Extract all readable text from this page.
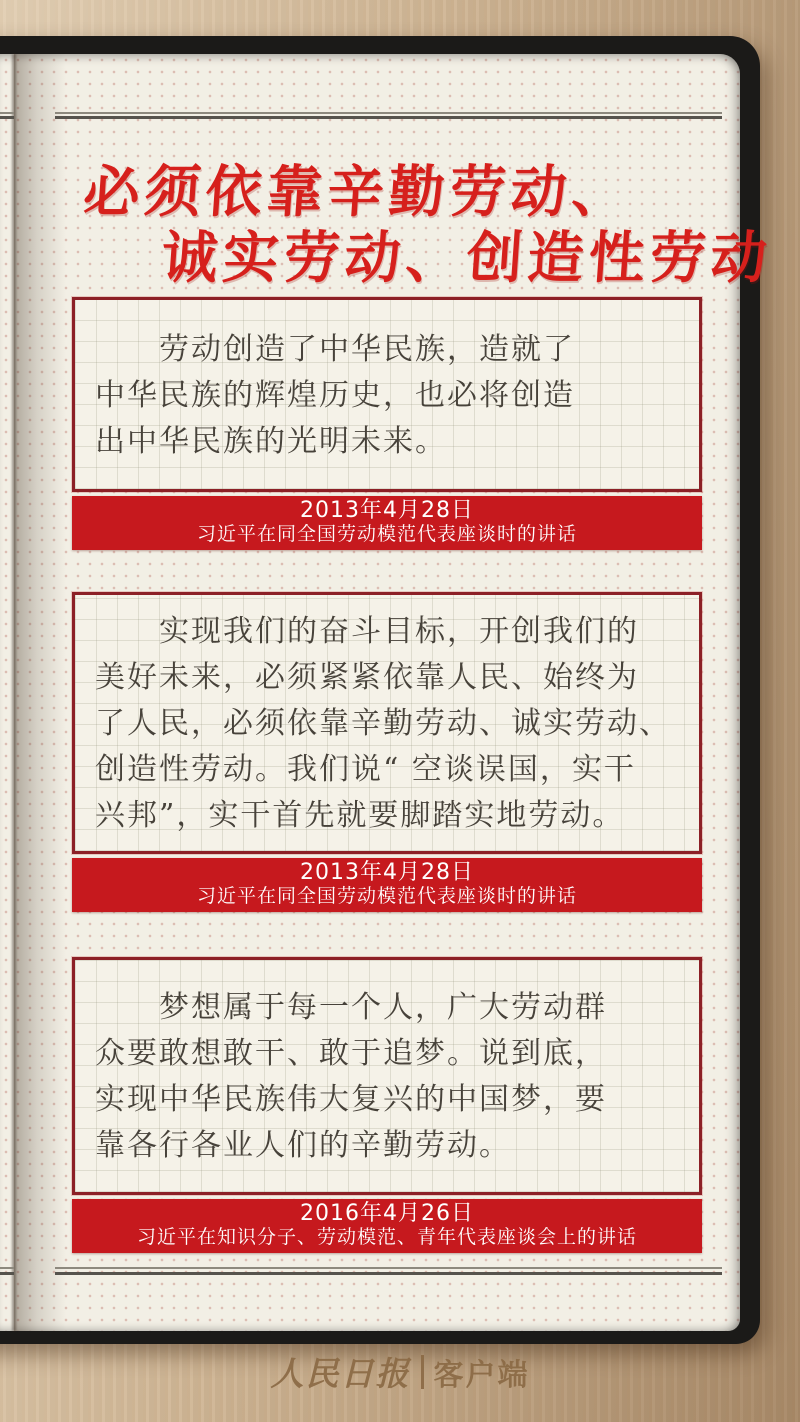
必须依靠辛勤劳动、
诚实劳动、创造性劳动
劳动创造了中华民族，造就了
中华民族的辉煌历史，也必将创造
出中华民族的光明未来。
2013年4月28日
习近平在同全国劳动模范代表座谈时的讲话
实现我们的奋斗目标，开创我们的
美好未来，必须紧紧依靠人民、始终为
了人民，必须依靠辛勤劳动、诚实劳动、
创造性劳动。我们说“ 空谈误国，实干
兴邦”，实干首先就要脚踏实地劳动。
2013年4月28日
习近平在同全国劳动模范代表座谈时的讲话
梦想属于每一个人，广大劳动群
众要敢想敢干、敢于追梦。说到底，
实现中华民族伟大复兴的中国梦，要
靠各行各业人们的辛勤劳动。
2016年4月26日
习近平在知识分子、劳动模范、青年代表座谈会上的讲话
人民日报 客户端
